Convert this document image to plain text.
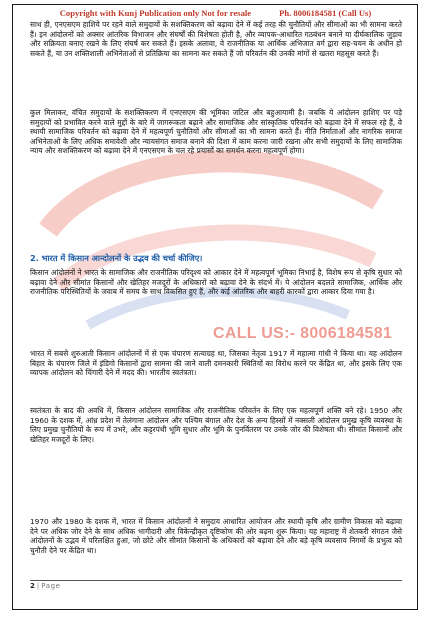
Copyright with Kunj Publication only Not for resale	Ph. 8006184581 (Call Us)
CALL US:- 8006184581

साथ ही, एनएसएम हाशिये पर रहने वाले समुदायों के सशक्तिकरण को बढ़ावा देने में कई तरह की चुनौतियों और सीमाओं का भी सामना करते हैं। इन आंदोलनों को अक्सर आंतरिक विभाजन और संघर्षों की विशेषता होती है, और व्यापक-आधारित गठबंधन बनाने या दीर्घकालिक जुड़ाव और सक्रियता बनाए रखने के लिए संघर्ष कर सकते हैं। इसके अलावा, वे राजनीतिक या आर्थिक अभिजात वर्ग द्वारा सह-चयन के अधीन हो सकते हैं, या उन शक्तिशाली अभिनेताओं से प्रतिक्रिया का सामना कर सकते हैं जो परिवर्तन की उनकी मांगों से खतरा महसूस करते हैं।

कुल मिलाकर, वंचित समुदायों के सशक्तिकरण में एनएसएम की भूमिका जटिल और बहुआयामी है। जबकि ये आंदोलन हाशिए पर पड़े समुदायों को प्रभावित करने वाले मुद्दों के बारे में जागरूकता बढ़ाने और सामाजिक और सांस्कृतिक परिवर्तन को बढ़ावा देने में सफल रहे हैं, वे स्थायी सामाजिक परिवर्तन को बढ़ावा देने में महत्वपूर्ण चुनौतियों और सीमाओं का भी सामना करते हैं। नीति निर्माताओं और नागरिक समाज अभिनेताओं के लिए अधिक समावेशी और न्यायसंगत समाज बनाने की दिशा में काम करना जारी रखना और सभी समुदायों के लिए सामाजिक न्याय और सशक्तिकरण को बढ़ावा देने में एनएसएम के चल रहे प्रयासों का समर्थन करना महत्वपूर्ण होगा।

2. भारत में किसान आन्दोलनों के उद्भव की चर्चा कीजिए।

किसान आंदोलनों ने भारत के सामाजिक और राजनीतिक परिदृश्य को आकार देने में महत्वपूर्ण भूमिका निभाई है, विशेष रूप से कृषि सुधार को बढ़ावा देने और सीमांत किसानों और खेतिहर मजदूरों के अधिकारों को बढ़ावा देने के संदर्भ में। ये आंदोलन बदलते सामाजिक, आर्थिक और राजनीतिक परिस्थितियों के जवाब में समय के साथ विकसित हुए हैं, और कई आंतरिक और बाहरी कारकों द्वारा आकार दिया गया है।

भारत में सबसे शुरुआती किसान आंदोलनों में से एक चंपारण सत्याग्रह था, जिसका नेतृत्व 1917 में महात्मा गांधी ने किया था। यह आंदोलन बिहार के चंपारण जिले में इंडिगो किसानों द्वारा सामना की जाने वाली दमनकारी स्थितियों का विरोध करने पर केंद्रित था, और इसके लिए एक व्यापक आंदोलन को चिंगारी देने में मदद की। भारतीय स्वतंत्रता।

स्वतंत्रता के बाद की अवधि में, किसान आंदोलन सामाजिक और राजनीतिक परिवर्तन के लिए एक महत्वपूर्ण शक्ति बने रहे। 1950 और 1960 के दशक में, आंध्र प्रदेश में तेलंगाना आंदोलन और पश्चिम बंगाल और देश के अन्य हिस्सों में नक्सली आंदोलन प्रमुख कृषि व्यवस्था के लिए प्रमुख चुनौतियों के रूप में उभरे, और कट्टरपंथी भूमि सुधार और भूमि के पुनर्वितरण पर उनके जोर की विशेषता थी। सीमांत किसानों और खेतिहर मजदूरों के लिए।

1970 और 1980 के दशक में, भारत में किसान आंदोलनों ने समुदाय आधारित आयोजन और स्थायी कृषि और ग्रामीण विकास को बढ़ावा देने पर अधिक जोर देने के साथ अधिक भागीदारी और विकेन्द्रीकृत दृष्टिकोण की ओर बढ़ना शुरू किया। यह महाराष्ट्र में शेतकरी संगठन जैसे आंदोलनों के उद्भव में परिलक्षित हुआ, जो छोटे और सीमांत किसानों के अधिकारों को बढ़ावा देने और बड़े कृषि व्यवसाय निगमों के प्रभुत्व को चुनौती देने पर केंद्रित था।

2 | Page
